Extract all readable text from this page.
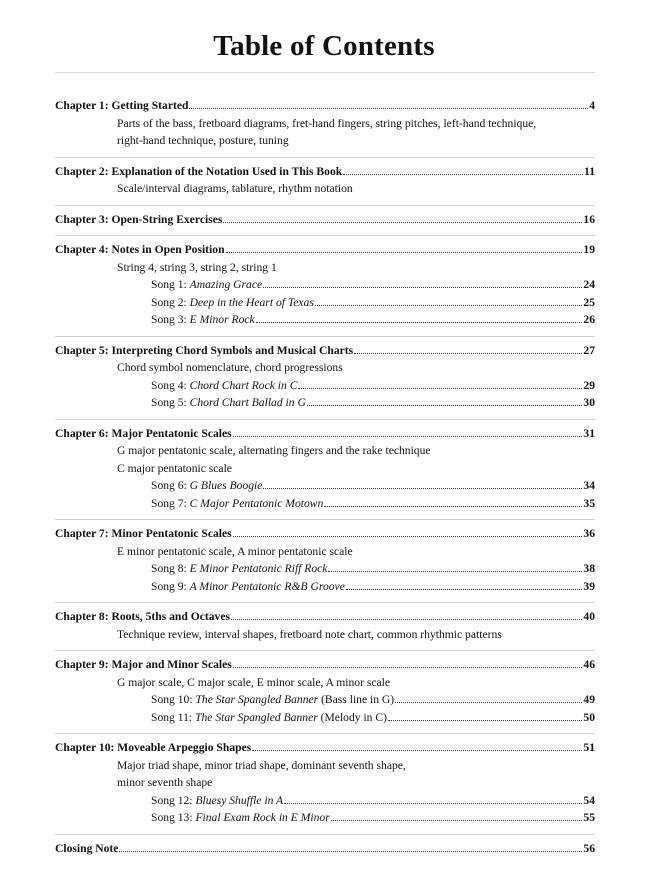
Table of Contents
Chapter 1: Getting Started	4
Parts of the bass, fretboard diagrams, fret-hand fingers, string pitches, left-hand technique,
right-hand technique, posture, tuning
Chapter 2: Explanation of the Notation Used in This Book	11
Scale/interval diagrams, tablature, rhythm notation
Chapter 3: Open-String Exercises	16
Chapter 4: Notes in Open Position	19
String 4, string 3, string 2, string 1
Song 1: Amazing Grace	24
Song 2: Deep in the Heart of Texas	25
Song 3: E Minor Rock	26
Chapter 5: Interpreting Chord Symbols and Musical Charts	27
Chord symbol nomenclature, chord progressions
Song 4: Chord Chart Rock in C	29
Song 5: Chord Chart Ballad in G	30
Chapter 6: Major Pentatonic Scales	31
G major pentatonic scale, alternating fingers and the rake technique
C major pentatonic scale
Song 6: G Blues Boogie	34
Song 7: C Major Pentatonic Motown	35
Chapter 7: Minor Pentatonic Scales	36
E minor pentatonic scale, A minor pentatonic scale
Song 8: E Minor Pentatonic Riff Rock	38
Song 9: A Minor Pentatonic R&B Groove	39
Chapter 8: Roots, 5ths and Octaves	40
Technique review, interval shapes, fretboard note chart, common rhythmic patterns
Chapter 9: Major and Minor Scales	46
G major scale, C major scale, E minor scale, A minor scale
Song 10: The Star Spangled Banner (Bass line in G)	49
Song 11: The Star Spangled Banner (Melody in C)	50
Chapter 10: Moveable Arpeggio Shapes	51
Major triad shape, minor triad shape, dominant seventh shape,
minor seventh shape
Song 12: Bluesy Shuffle in A	54
Song 13: Final Exam Rock in E Minor	55
Closing Note	56
